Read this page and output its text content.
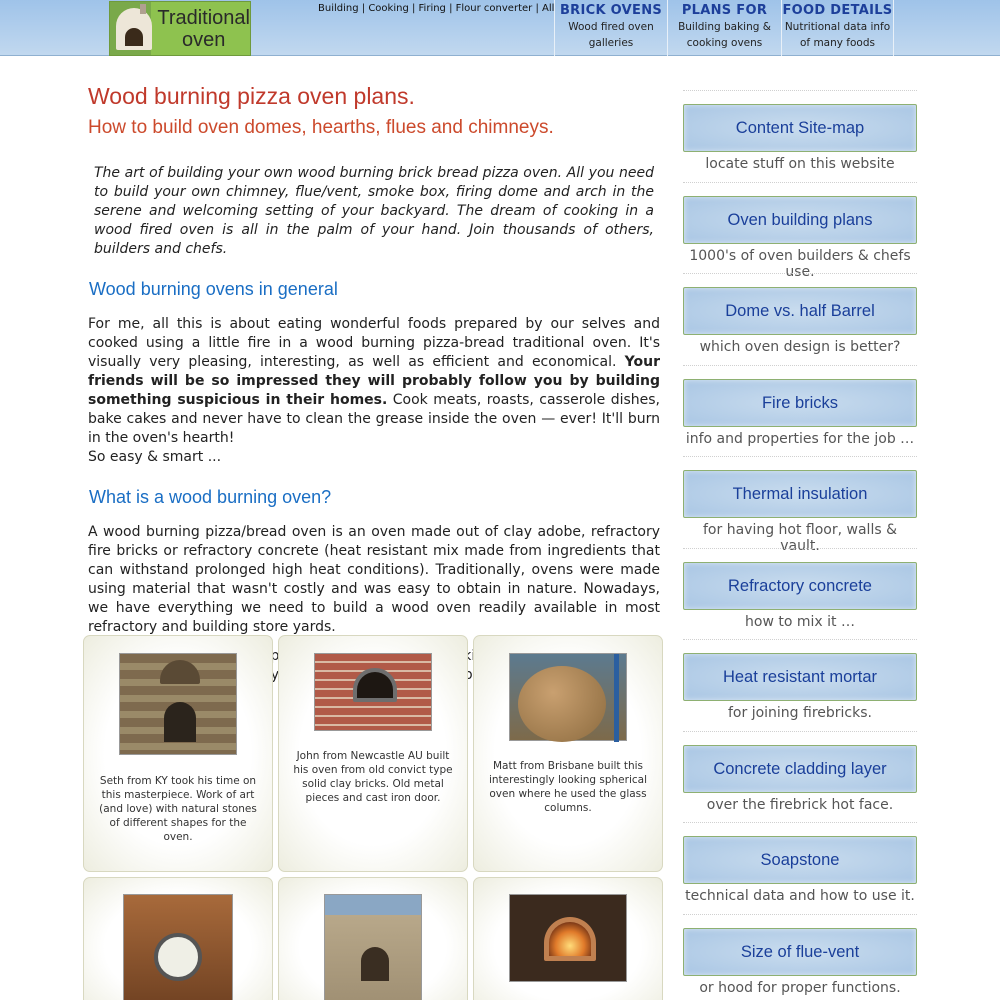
Traditional
oven
Building | Cooking | Firing | Flour converter | All BRICK OVENS
Wood fired oven
galleries
PLANS FOR
Building baking &
cooking ovens
FOOD DETAILS
Nutritional data info
of many foods
Wood burning pizza oven plans.
How to build oven domes, hearths, flues and chimneys.

The art of building your own wood burning brick bread pizza oven. All you need to build your own chimney, flue/vent, smoke box, firing dome and arch in the serene and welcoming setting of your backyard. The dream of cooking in a wood fired oven is all in the palm of your hand. Join thousands of others, builders and chefs.

Wood burning ovens in general

For me, all this is about eating wonderful foods prepared by our selves and cooked using a little fire in a wood burning pizza-bread traditional oven. It's visually very pleasing, interesting, as well as efficient and economical. Your friends will be so impressed they will probably follow you by building something suspicious in their homes. Cook meats, roasts, casserole dishes, bake cakes and never have to clean the grease inside the oven — ever! It'll burn in the oven's hearth!
So easy & smart ...

What is a wood burning oven?

A wood burning pizza/bread oven is an oven made out of clay adobe, refractory fire bricks or refractory concrete (heat resistant mix made from ingredients that can withstand prolonged high heat conditions). Traditionally, ovens were made using material that wasn't costly and was easy to obtain in nature. Nowadays, we have everything we need to build a wood oven readily available in most refractory and building store yards.

Seth from KY took his time on this masterpiece. Work of art (and love) with natural stones of different shapes for the oven.
John from Newcastle AU built his oven from old convict type solid clay bricks. Old metal pieces and cast iron door.
Matt from Brisbane built this interestingly looking spherical oven where he used the glass columns.
Content Site-map
locate stuff on this website
Oven building plans
1000's of oven builders & chefs use.
Dome vs. half Barrel
which oven design is better?
Fire bricks
info and properties for the job …
Thermal insulation
for having hot floor, walls & vault.
Refractory concrete
how to mix it …
Heat resistant mortar
for joining firebricks.
Concrete cladding layer
over the firebrick hot face.
Soapstone
technical data and how to use it.
Size of flue-vent
or hood for proper functions.
